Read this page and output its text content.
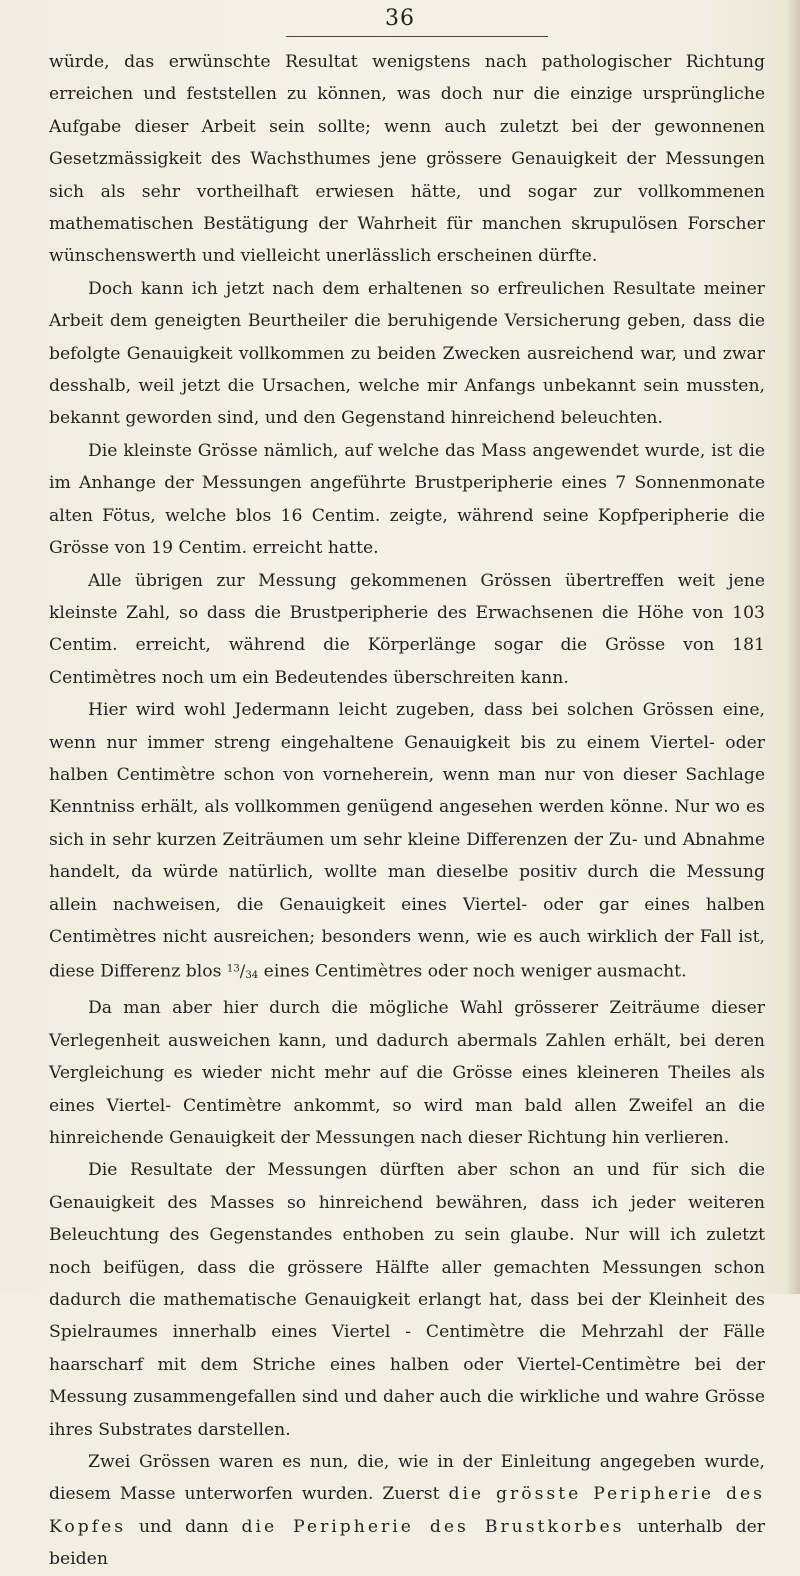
36

würde, das erwünschte Resultat wenigstens nach pathologischer Richtung erreichen und feststellen zu können, was doch nur die einzige ursprüngliche Aufgabe dieser Arbeit sein sollte; wenn auch zuletzt bei der gewonnenen Gesetzmässigkeit des Wachsthumes jene grössere Genauigkeit der Messungen sich als sehr vortheilhaft erwiesen hätte, und sogar zur vollkommenen mathematischen Bestätigung der Wahrheit für manchen skrupulösen Forscher wünschenswerth und vielleicht unerlässlich erscheinen dürfte.

Doch kann ich jetzt nach dem erhaltenen so erfreulichen Resultate meiner Arbeit dem geneigten Beurtheiler die beruhigende Versicherung geben, dass die befolgte Genauigkeit vollkommen zu beiden Zwecken ausreichend war, und zwar desshalb, weil jetzt die Ursachen, welche mir Anfangs unbekannt sein mussten, bekannt geworden sind, und den Gegenstand hinreichend beleuchten.

Die kleinste Grösse nämlich, auf welche das Mass angewendet wurde, ist die im Anhange der Messungen angeführte Brustperipherie eines 7 Sonnenmonate alten Fötus, welche blos 16 Centim. zeigte, während seine Kopfperipherie die Grösse von 19 Centim. erreicht hatte.

Alle übrigen zur Messung gekommenen Grössen übertreffen weit jene kleinste Zahl, so dass die Brustperipherie des Erwachsenen die Höhe von 103 Centim. erreicht, während die Körperlänge sogar die Grösse von 181 Centimètres noch um ein Bedeutendes überschreiten kann.

Hier wird wohl Jedermann leicht zugeben, dass bei solchen Grössen eine, wenn nur immer streng eingehaltene Genauigkeit bis zu einem Viertel- oder halben Centimètre schon von vorneherein, wenn man nur von dieser Sachlage Kenntniss erhält, als vollkommen genügend angesehen werden könne. Nur wo es sich in sehr kurzen Zeiträumen um sehr kleine Differenzen der Zu- und Abnahme handelt, da würde natürlich, wollte man dieselbe positiv durch die Messung allein nachweisen, die Genauigkeit eines Viertel- oder gar eines halben Centimètres nicht ausreichen; besonders wenn, wie es auch wirklich der Fall ist, diese Differenz blos $^{13}/_{34}$ eines Centimètres oder noch weniger ausmacht.

Da man aber hier durch die mögliche Wahl grösserer Zeiträume dieser Verlegenheit ausweichen kann, und dadurch abermals Zahlen erhält, bei deren Vergleichung es wieder nicht mehr auf die Grösse eines kleineren Theiles als eines Viertel- Centimètre ankommt, so wird man bald allen Zweifel an die hinreichende Genauigkeit der Messungen nach dieser Richtung hin verlieren.

Die Resultate der Messungen dürften aber schon an und für sich die Genauigkeit des Masses so hinreichend bewähren, dass ich jeder weiteren Beleuchtung des Gegenstandes enthoben zu sein glaube. Nur will ich zuletzt noch beifügen, dass die grössere Hälfte aller gemachten Messungen schon dadurch die mathematische Genauigkeit erlangt hat, dass bei der Kleinheit des Spielraumes innerhalb eines Viertel - Centimètre die Mehrzahl der Fälle haarscharf mit dem Striche eines halben oder Viertel-Centimètre bei der Messung zusammengefallen sind und daher auch die wirkliche und wahre Grösse ihres Substrates darstellen.

Zwei Grössen waren es nun, die, wie in der Einleitung angegeben wurde, diesem Masse unterworfen wurden. Zuerst die grösste Peripherie des Kopfes und dann die Peripherie des Brustkorbes unterhalb der beiden
